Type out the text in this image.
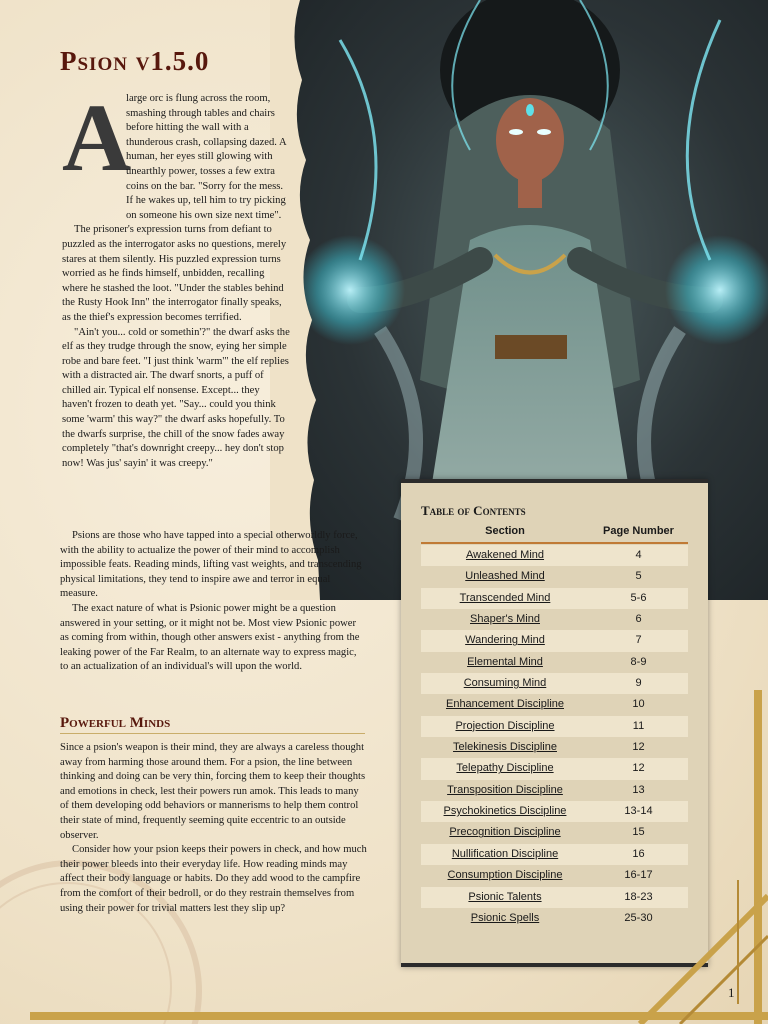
Psion v1.5.0
A

large orc is flung across the room, smashing through tables and chairs before hitting the wall with a thunderous crash, collapsing dazed. A human, her eyes still glowing with unearthly power, tosses a few extra coins on the bar. "Sorry for the mess. If he wakes up, tell him to try picking on someone his own size next time".

The prisoner's expression turns from defiant to puzzled as the interrogator asks no questions, merely stares at them silently. His puzzled expression turns worried as he finds himself, unbidden, recalling where he stashed the loot. "Under the stables behind the Rusty Hook Inn" the interrogator finally speaks, as the thief's expression becomes terrified.

"Ain't you... cold or somethin'?" the dwarf asks the elf as they trudge through the snow, eying her simple robe and bare feet. "I just think 'warm'" the elf replies with a distracted air. The dwarf snorts, a puff of chilled air. Typical elf nonsense. Except... they haven't frozen to death yet. "Say... could you think some 'warm' this way?" the dwarf asks hopefully. To the dwarfs surprise, the chill of the snow fades away completely "that's downright creepy... hey don't stop now! Was jus' sayin' it was creepy."

Psions are those who have tapped into a special otherworldly force, with the ability to actualize the power of their mind to accomplish impossible feats. Reading minds, lifting vast weights, and transcending physical limitations, they tend to inspire awe and terror in equal measure.

The exact nature of what is Psionic power might be a question answered in your setting, or it might not be. Most view Psionic power as coming from within, though other answers exist - anything from the leaking power of the Far Realm, to an alternate way to express magic, to an actualization of an individual's will upon the world.

Powerful Minds

Since a psion's weapon is their mind, they are always a careless thought away from harming those around them. For a psion, the line between thinking and doing can be very thin, forcing them to keep their thoughts and emotions in check, lest their powers run amok. This leads to many of them developing odd behaviors or mannerisms to help them control their state of mind, frequently seeming quite eccentric to an outside observer.

Consider how your psion keeps their powers in check, and how much their power bleeds into their everyday life. How reading minds may affect their body language or habits. Do they add wood to the campfire from the comfort of their bedroll, or do they restrain themselves from using their power for trivial matters lest they slip up?

Table of Contents
Section	Page Number
Awakened Mind	4
Unleashed Mind	5
Transcended Mind	5-6
Shaper's Mind	6
Wandering Mind	7
Elemental Mind	8-9
Consuming Mind	9
Enhancement Discipline	10
Projection Discipline	11
Telekinesis Discipline	12
Telepathy Discipline	12
Transposition Discipline	13
Psychokinetics Discipline	13-14
Precognition Discipline	15
Nullification Discipline	16
Consumption Discipline	16-17
Psionic Talents	18-23
Psionic Spells	25-30
1
